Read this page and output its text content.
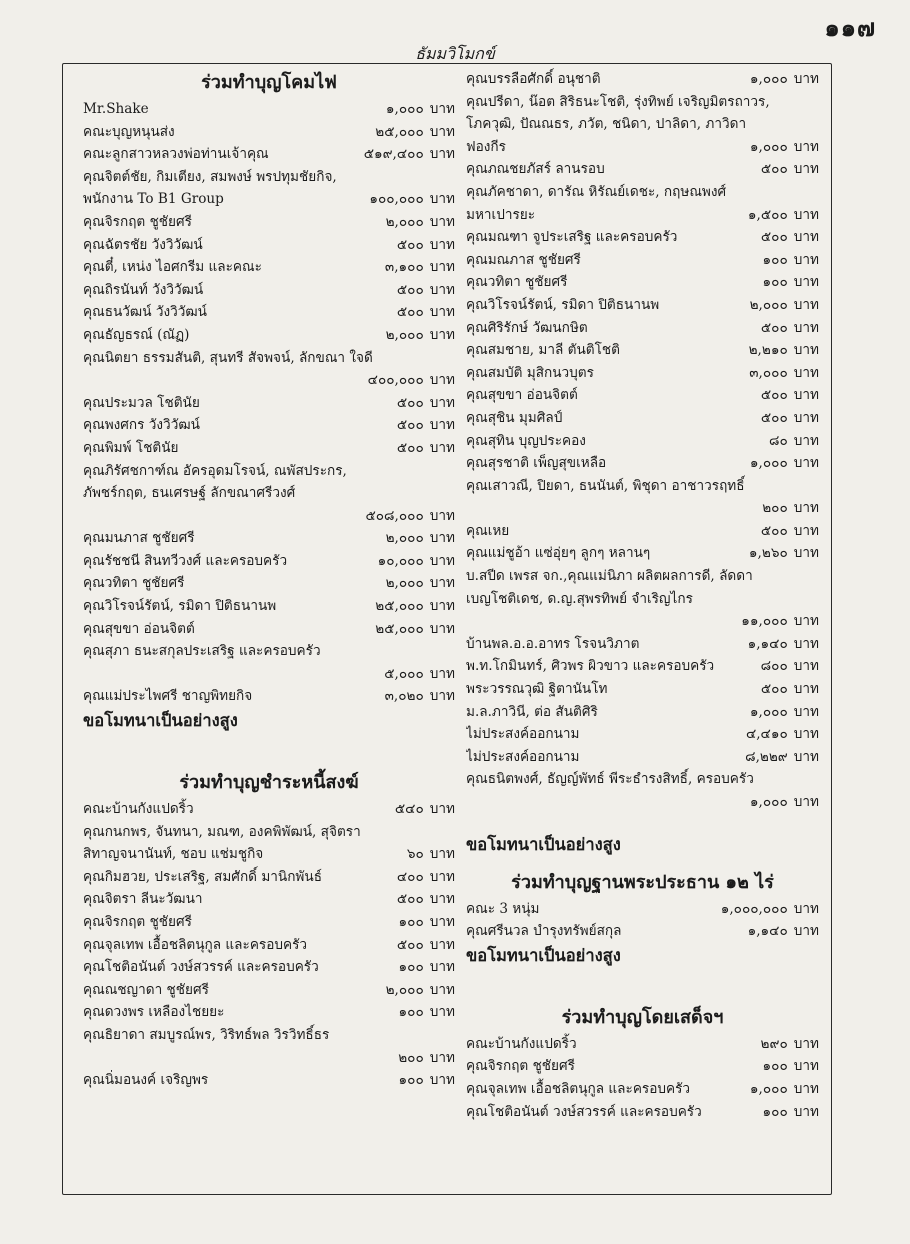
๑๑๗
ธัมมวิโมกข์
ร่วมทำบุญโคมไฟ
Mr.Shake	๑,๐๐๐ บาท
คณะบุญหนุนส่ง	๒๕,๐๐๐ บาท
คณะลูกสาวหลวงพ่อท่านเจ้าคุณ	๕๑๙,๔๐๐ บาท
คุณจิตต์ชัย, กิมเตียง, สมพงษ์ พรปทุมชัยกิจ,
พนักงาน To B1 Group	๑๐๐,๐๐๐ บาท
คุณจิรกฤต ชูชัยศรี	๒,๐๐๐ บาท
คุณฉัตรชัย วังวิวัฒน์	๕๐๐ บาท
คุณตี๋, เหน่ง ไอศกรีม และคณะ	๓,๑๐๐ บาท
คุณถิรนันท์ วังวิวัฒน์	๕๐๐ บาท
คุณธนวัฒน์ วังวิวัฒน์	๕๐๐ บาท
คุณธัญธรณ์ (ณัฏ)	๒,๐๐๐ บาท
คุณนิตยา ธรรมสันติ, สุนทรี สัจพจน์, ลักขณา ใจดี
๔๐๐,๐๐๐ บาท
คุณประมวล โชตินัย	๕๐๐ บาท
คุณพงศกร วังวิวัฒน์	๕๐๐ บาท
คุณพิมพ์ โชตินัย	๕๐๐ บาท
คุณภิรัศชกาฑ์ณ อัครอุดมโรจน์, ณพัสประกร,
ภัพชร์กฤต, ธนเศรษฐ์ ลักขณาศรีวงศ์
๕๐๘,๐๐๐ บาท
คุณมนภาส ชูชัยศรี	๒,๐๐๐ บาท
คุณรัชชนี สินทวีวงศ์ และครอบครัว	๑๐,๐๐๐ บาท
คุณวทิตา ชูชัยศรี	๒,๐๐๐ บาท
คุณวิโรจน์รัตน์, รมิดา ปิติธนานพ	๒๕,๐๐๐ บาท
คุณสุขขา อ่อนจิตต์	๒๕,๐๐๐ บาท
คุณสุภา ธนะสกุลประเสริฐ และครอบครัว
๕,๐๐๐ บาท
คุณแม่ประไพศรี ชาญพิทยกิจ	๓,๐๒๐ บาท
ขอโมทนาเป็นอย่างสูง
ร่วมทำบุญชำระหนี้สงฆ์
คณะบ้านกังแปดริ้ว	๕๔๐ บาท
คุณกนกพร, จันทนา, มณฑ, องคพิพัฒน์, สุจิตรา
สิทาญจนานันท์, ชอบ แช่มชูกิจ	๖๐ บาท
คุณกิมฮวย, ประเสริฐ, สมศักดิ์ มานิกพันธ์	๔๐๐ บาท
คุณจิตรา ลีนะวัฒนา	๕๐๐ บาท
คุณจิรกฤต ชูชัยศรี	๑๐๐ บาท
คุณจุลเทพ เอื้อชลิตนุกูล และครอบครัว	๕๐๐ บาท
คุณโชติอนันต์ วงษ์สวรรค์ และครอบครัว	๑๐๐ บาท
คุณณชญาดา ชูชัยศรี	๒,๐๐๐ บาท
คุณดวงพร เหลืองไชยยะ	๑๐๐ บาท
คุณธิยาดา สมบูรณ์พร, วิริทธ์พล วิรวิทธิ์ธร
๒๐๐ บาท
คุณนิ่มอนงค์ เจริญพร	๑๐๐ บาท
คุณบรรลือศักดิ์ อนุชาติ	๑,๐๐๐ บาท
คุณปรีดา, น๊อต สิริธนะโชติ, รุ่งทิพย์ เจริญมิตรถาวร,
โภควุฒิ, ปัณณธร, ภวัต, ชนิดา, ปาลิดา, ภาวิดา
ฟองกีร	๑,๐๐๐ บาท
คุณภณชยภัสร์ ลานรอบ	๕๐๐ บาท
คุณภัคชาดา, ดารัณ หิรัณย์เดชะ, กฤษณพงศ์
มหาเปารยะ	๑,๕๐๐ บาท
คุณมณฑา จูประเสริฐ และครอบครัว	๕๐๐ บาท
คุณมณภาส ชูชัยศรี	๑๐๐ บาท
คุณวทิตา ชูชัยศรี	๑๐๐ บาท
คุณวิโรจน์รัตน์, รมิดา ปิติธนานพ	๒,๐๐๐ บาท
คุณศิริรักษ์ วัฒนกษิต	๕๐๐ บาท
คุณสมชาย, มาลี ตันติโชติ	๒,๒๑๐ บาท
คุณสมบัติ มุสิกนวบุตร	๓,๐๐๐ บาท
คุณสุขขา อ่อนจิตต์	๕๐๐ บาท
คุณสุชิน มุมศิลป์	๕๐๐ บาท
คุณสุทิน บุญประคอง	๘๐ บาท
คุณสุรชาติ เพ็ญสุขเหลือ	๑,๐๐๐ บาท
คุณเสาวณี, ปิยดา, ธนนันต์, พิชุดา อาชาวรฤทธิ์
๒๐๐ บาท
คุณเหย	๕๐๐ บาท
คุณแม่ชูอ้า แซ่อุ่ยๆ ลูกๆ หลานๆ	๑,๒๖๐ บาท
บ.สปีด เพรส จก.,คุณแม่นิภา ผลิตผลการดี, ลัดดา
เบญโชติเดช, ด.ญ.สุพรทิพย์ จำเริญไกร
๑๑,๐๐๐ บาท
บ้านพล.อ.อ.อาทร โรจนวิภาต	๑,๑๔๐ บาท
พ.ท.โกมินทร์, ศิวพร ผิวขาว และครอบครัว	๘๐๐ บาท
พระวรรณวุฒิ ฐิตานันโท	๕๐๐ บาท
ม.ล.ภาวินี, ต่อ สันติศิริ	๑,๐๐๐ บาท
ไม่ประสงค์ออกนาม	๔,๔๑๐ บาท
ไม่ประสงค์ออกนาม	๘,๒๒๙ บาท
คุณธนิตพงศ์, ธัญญ์พัทธ์ พีระธำรงสิทธิ์, ครอบครัว
๑,๐๐๐ บาท
ขอโมทนาเป็นอย่างสูง
ร่วมทำบุญฐานพระประธาน ๑๒ ไร่
คณะ 3 หนุ่ม	๑,๐๐๐,๐๐๐ บาท
คุณศรีนวล บำรุงทรัพย์สกุล	๑,๑๔๐ บาท
ขอโมทนาเป็นอย่างสูง
ร่วมทำบุญโดยเสด็จฯ
คณะบ้านกังแปดริ้ว	๒๙๐ บาท
คุณจิรกฤต ชูชัยศรี	๑๐๐ บาท
คุณจุลเทพ เอื้อชลิตนุกูล และครอบครัว	๑,๐๐๐ บาท
คุณโชติอนันต์ วงษ์สวรรค์ และครอบครัว	๑๐๐ บาท
